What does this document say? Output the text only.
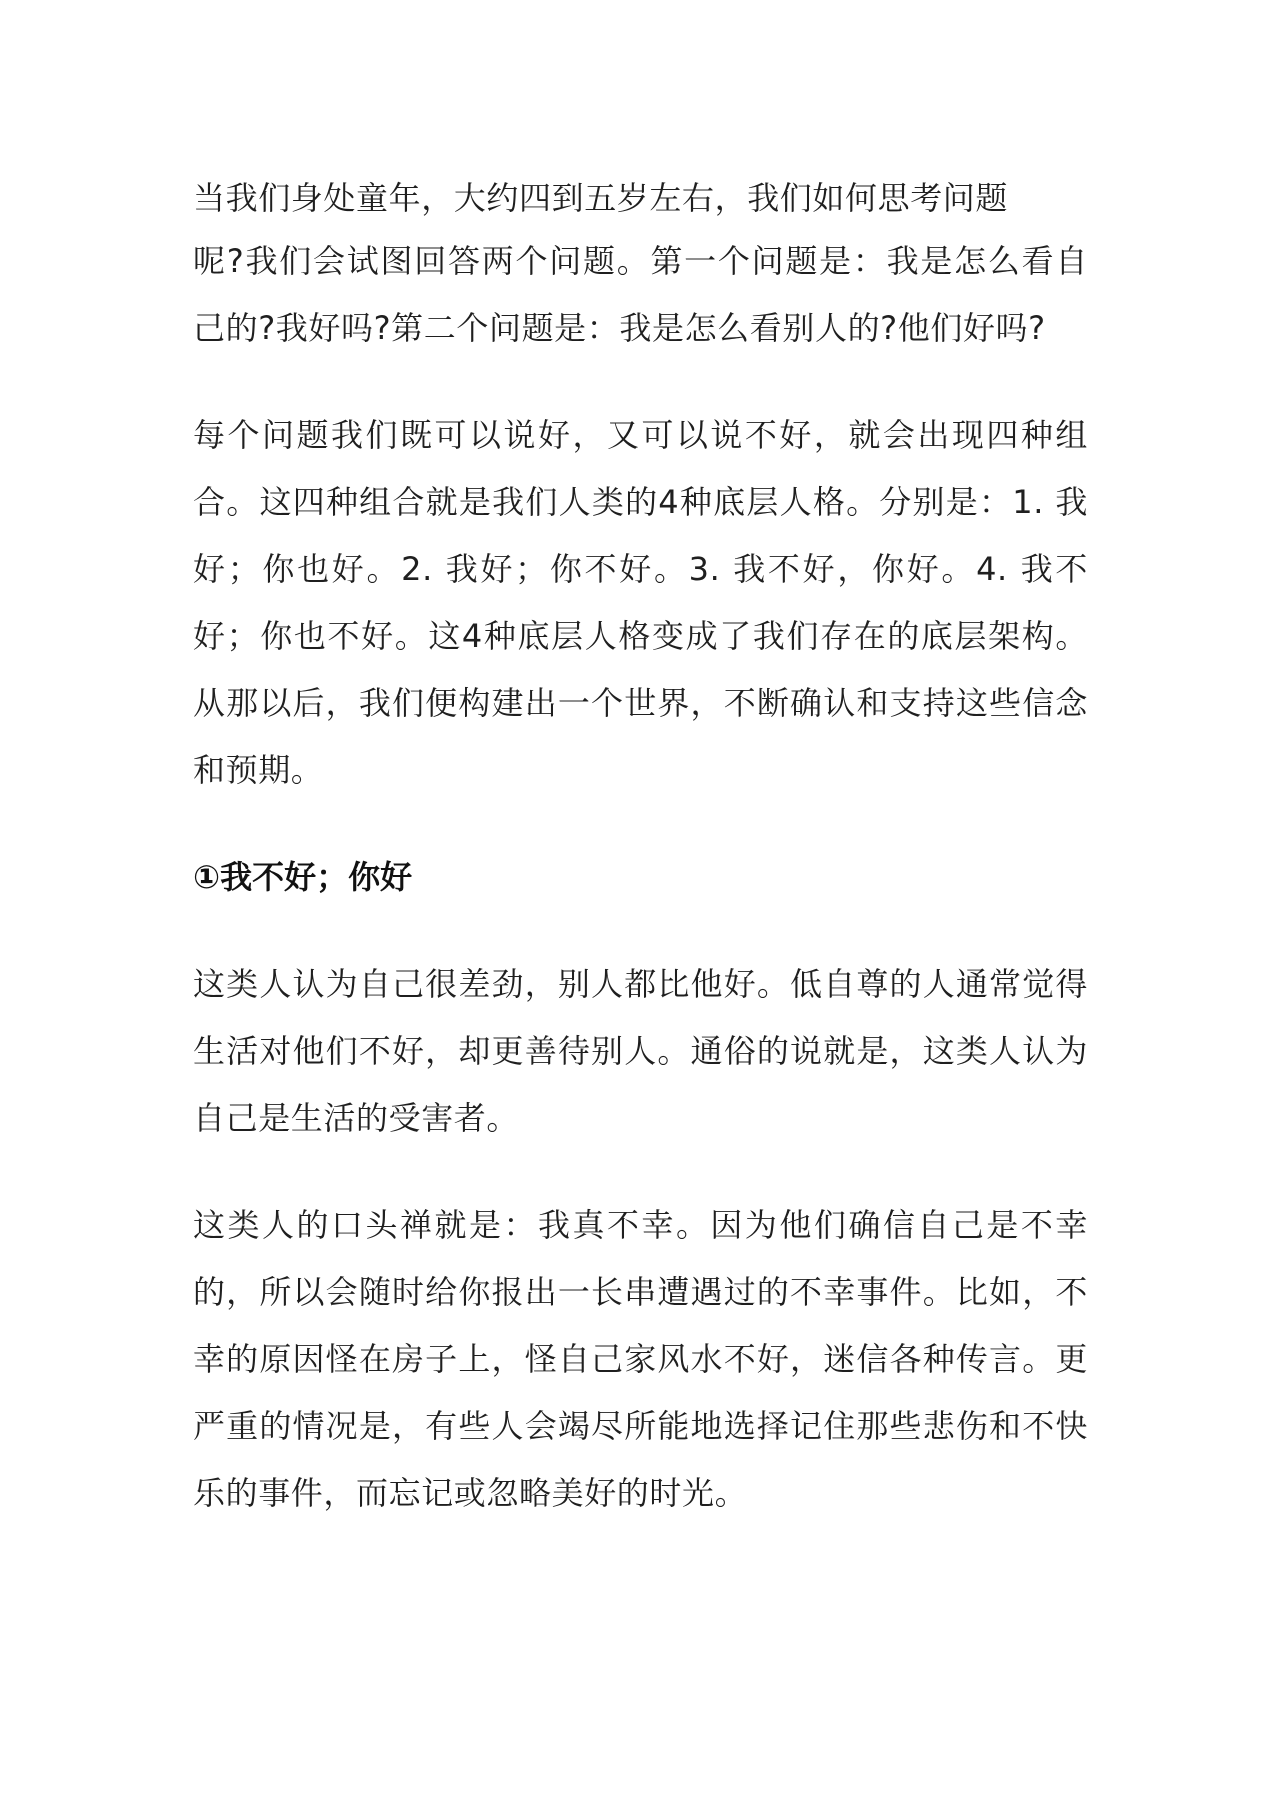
当我们身处童年，大约四到五岁左右，我们如何思考问题

呢?我们会试图回答两个问题。第一个问题是：我是怎么看自己的?我好吗?第二个问题是：我是怎么看别人的?他们好吗?

每个问题我们既可以说好，又可以说不好，就会出现四种组合。这四种组合就是我们人类的4种底层人格。分别是：1. 我好；你也好。2. 我好；你不好。3. 我不好，你好。4. 我不好；你也不好。这4种底层人格变成了我们存在的底层架构。从那以后，我们便构建出一个世界，不断确认和支持这些信念和预期。

①我不好；你好

这类人认为自己很差劲，别人都比他好。低自尊的人通常觉得生活对他们不好，却更善待别人。通俗的说就是，这类人认为自己是生活的受害者。

这类人的口头禅就是：我真不幸。因为他们确信自己是不幸的，所以会随时给你报出一长串遭遇过的不幸事件。比如，不幸的原因怪在房子上，怪自己家风水不好，迷信各种传言。更严重的情况是，有些人会竭尽所能地选择记住那些悲伤和不快乐的事件，而忘记或忽略美好的时光。
